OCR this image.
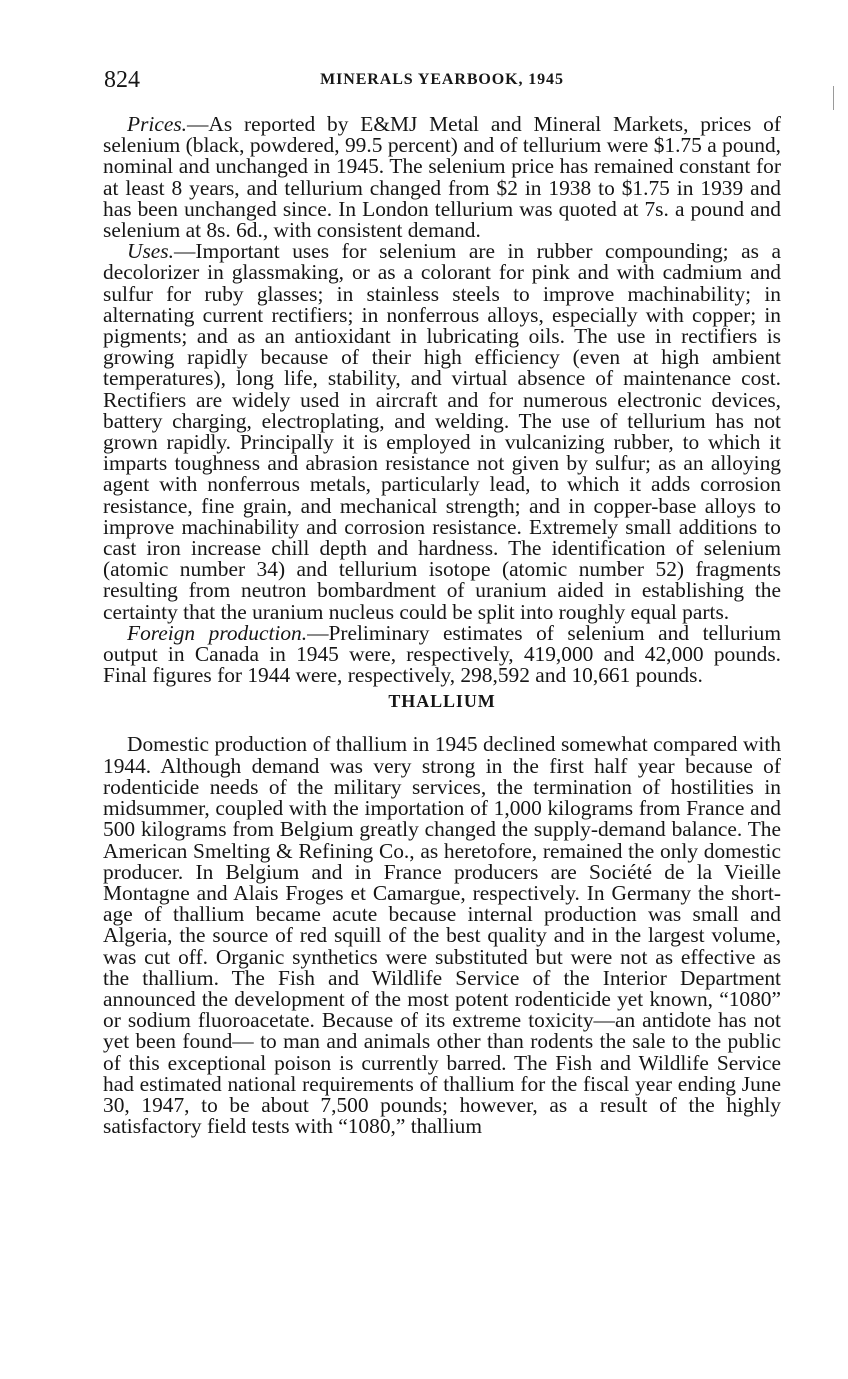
824	MINERALS YEARBOOK, 1945

Prices.—As reported by E&MJ Metal and Mineral Markets, prices of selenium (black, powdered, 99.5 percent) and of tellurium were $1.75 a pound, nominal and unchanged in 1945. The selenium price has remained constant for at least 8 years, and tellurium changed from $2 in 1938 to $1.75 in 1939 and has been unchanged since. In London tellurium was quoted at 7s. a pound and selenium at 8s. 6d., with consistent demand.

Uses.—Important uses for selenium are in rubber compounding; as a decolorizer in glassmaking, or as a colorant for pink and with cadmium and sulfur for ruby glasses; in stainless steels to improve machinability; in alternating current rectifiers; in nonferrous alloys, especially with copper; in pigments; and as an antioxidant in lubricating oils. The use in rectifiers is growing rapidly because of their high efficiency (even at high ambient temperatures), long life, stability, and virtual absence of maintenance cost. Rectifiers are widely used in aircraft and for numerous electronic devices, battery charging, electroplating, and welding. The use of tellurium has not grown rapidly. Principally it is employed in vulcanizing rubber, to which it imparts toughness and abrasion resistance not given by sulfur; as an alloying agent with nonferrous metals, particularly lead, to which it adds corrosion resistance, fine grain, and mechanical strength; and in copper-base alloys to improve machinability and corrosion resistance. Extremely small additions to cast iron increase chill depth and hardness. The identification of selenium (atomic number 34) and tellurium isotope (atomic number 52) fragments resulting from neutron bombardment of uranium aided in establishing the certainty that the uranium nucleus could be split into roughly equal parts.

Foreign production.—Preliminary estimates of selenium and tellurium output in Canada in 1945 were, respectively, 419,000 and 42,000 pounds. Final figures for 1944 were, respectively, 298,592 and 10,661 pounds.

THALLIUM

Domestic production of thallium in 1945 declined somewhat compared with 1944. Although demand was very strong in the first half year because of rodenticide needs of the military services, the termination of hostilities in midsummer, coupled with the importation of 1,000 kilograms from France and 500 kilograms from Belgium greatly changed the supply-demand balance. The American Smelting & Refining Co., as heretofore, remained the only domestic producer. In Belgium and in France producers are Société de la Vieille Montagne and Alais Froges et Camargue, respectively. In Germany the shortage of thallium became acute because internal production was small and Algeria, the source of red squill of the best quality and in the largest volume, was cut off. Organic synthetics were substituted but were not as effective as the thallium. The Fish and Wildlife Service of the Interior Department announced the development of the most potent rodenticide yet known, “1080” or sodium fluoroacetate. Because of its extreme toxicity—an antidote has not yet been found— to man and animals other than rodents the sale to the public of this exceptional poison is currently barred. The Fish and Wildlife Service had estimated national requirements of thallium for the fiscal year ending June 30, 1947, to be about 7,500 pounds; however, as a result of the highly satisfactory field tests with “1080,” thallium
